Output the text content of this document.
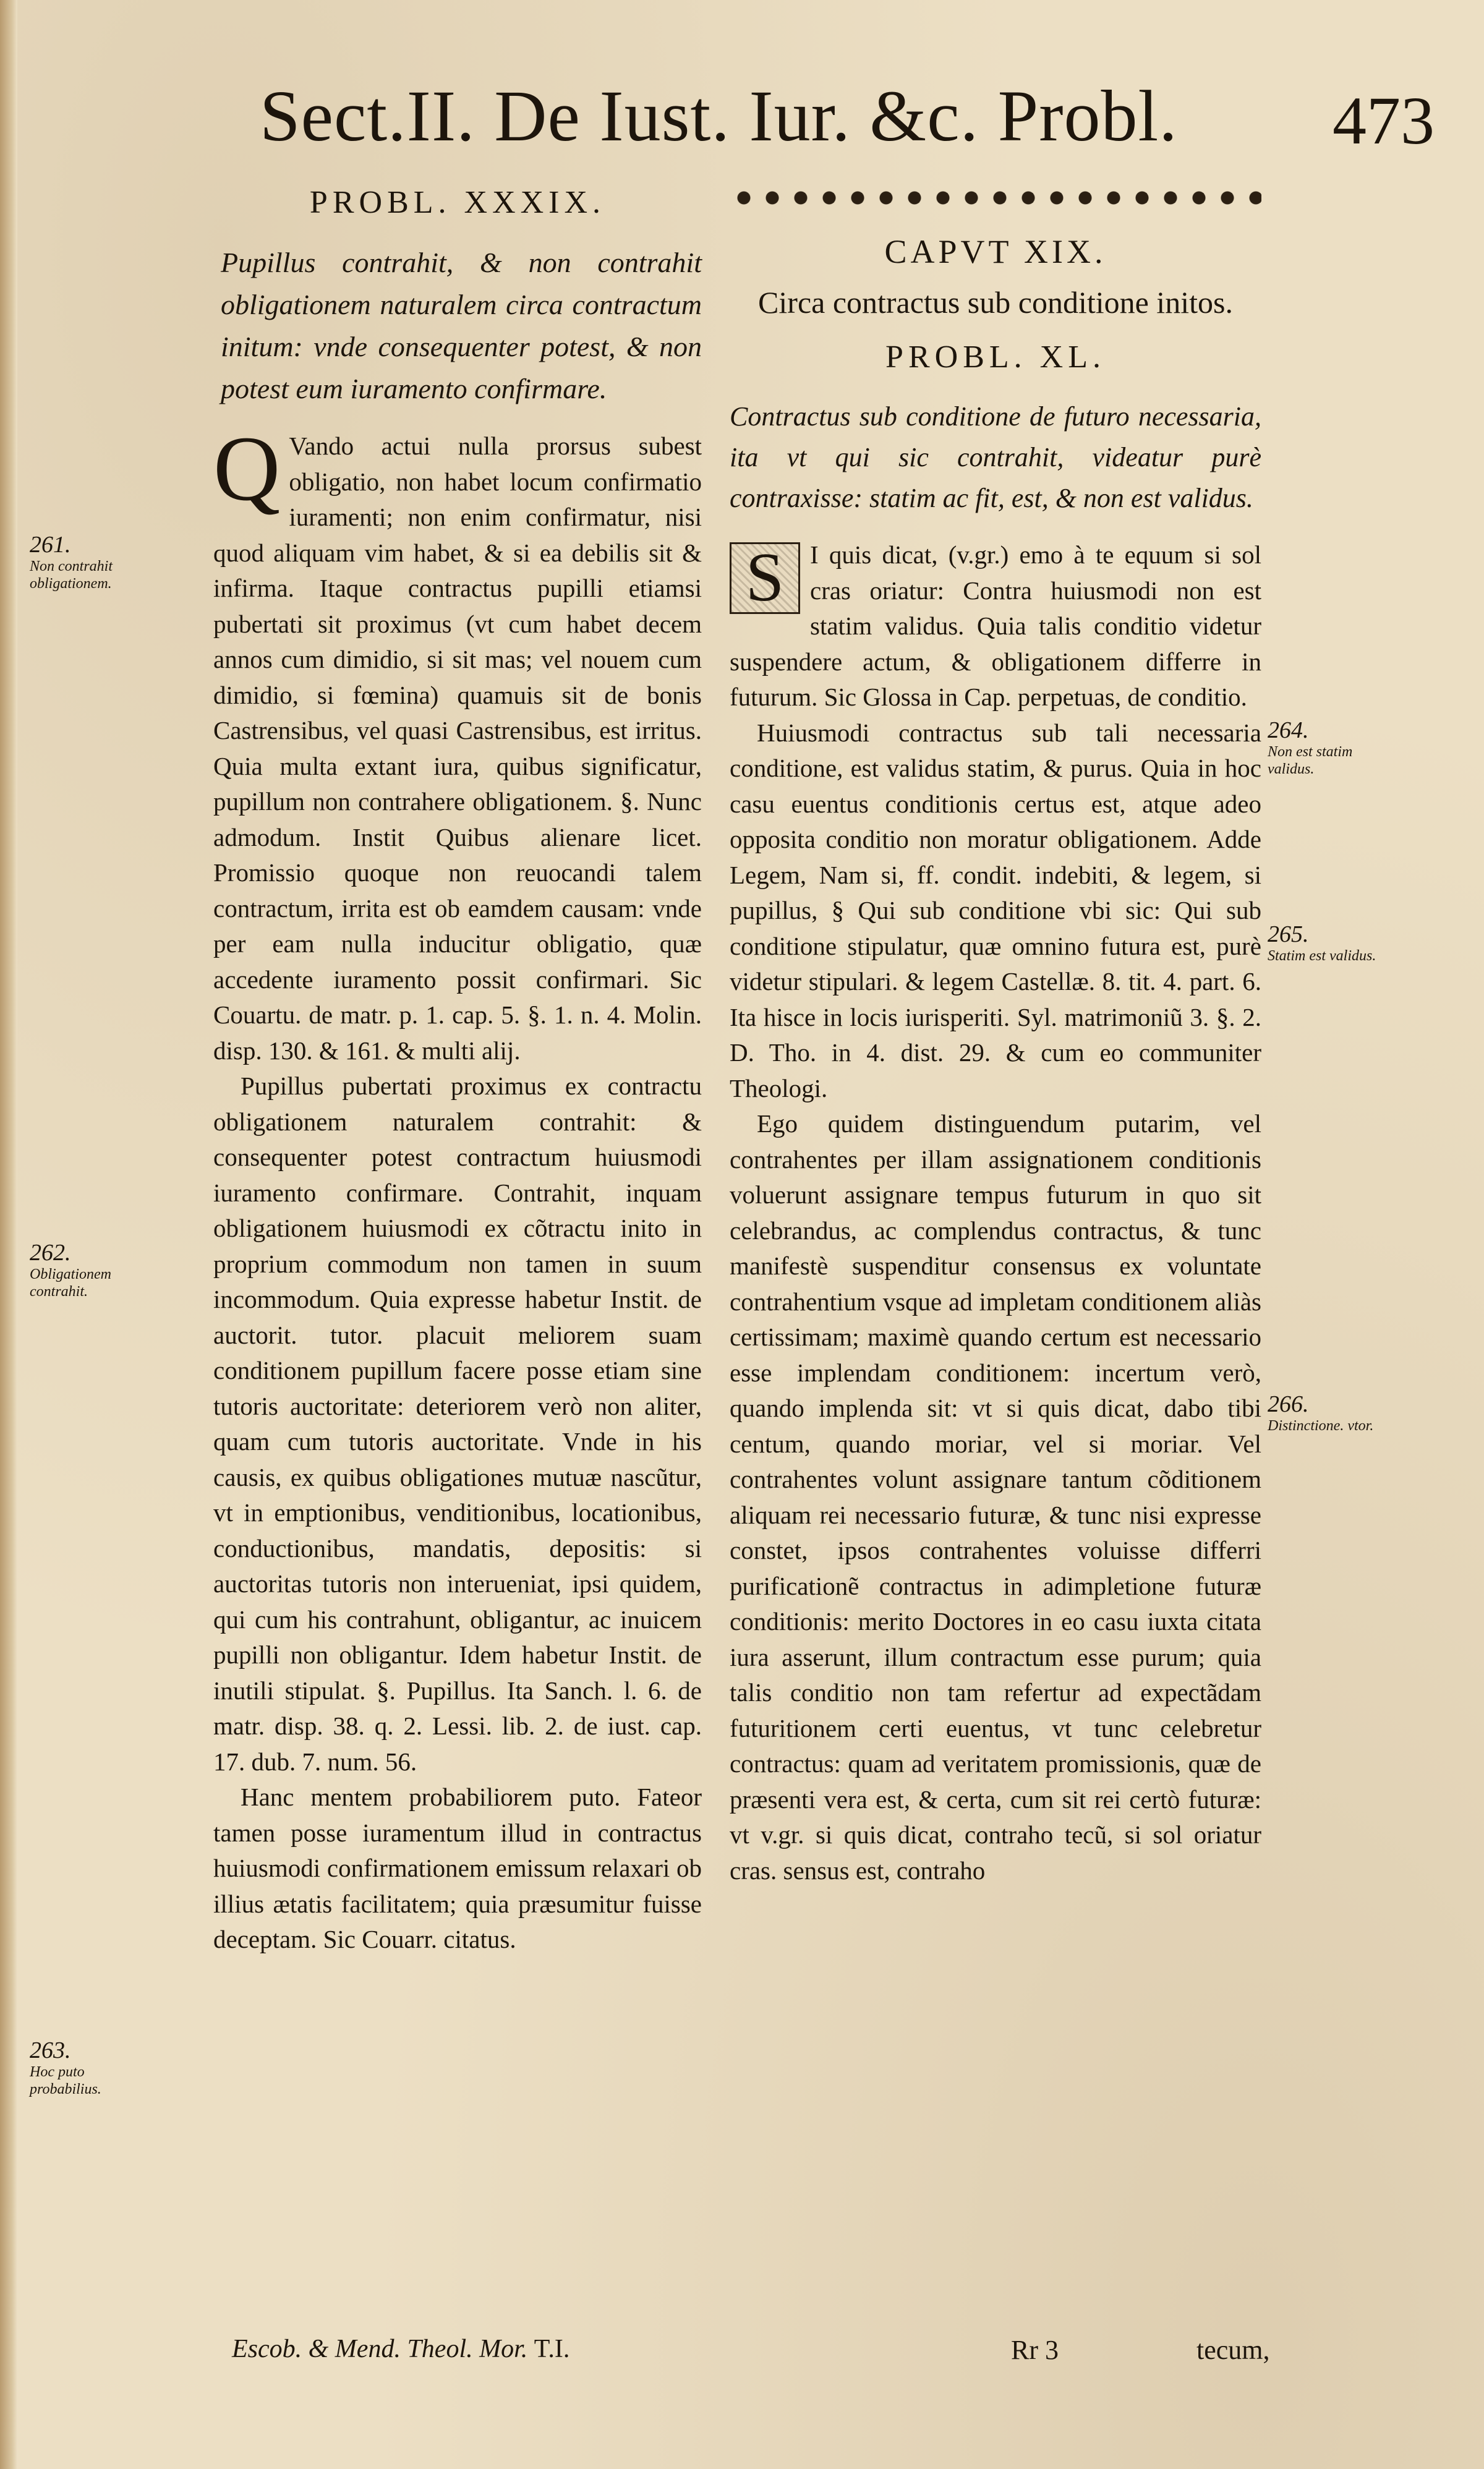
Sect.II. De Iust. Iur. &c. Probl. 473
PROBL. XXXIX.
Pupillus contrahit, & non contrahit obligationem naturalem circa contractum initum: vnde consequenter potest, & non potest eum iuramento confirmare.

Q Vando actui nulla prorsus subest obligatio, non habet locum confirmatio iuramenti; non enim confirmatur, nisi quod aliquam vim habet, & si ea debilis sit & infirma. Itaque contractus pupilli etiamsi pubertati sit proximus (vt cum habet decem annos cum dimidio, si sit mas; vel nouem cum dimidio, si fœmina) quamuis sit de bonis Castrensibus, vel quasi Castrensibus, est irritus. Quia multa extant iura, quibus significatur, pupillum non contrahere obligationem. §. Nunc admodum. Instit Quibus alienare licet. Promissio quoque non reuocandi talem contractum, irrita est ob eamdem causam: vnde per eam nulla inducitur obligatio, quæ accedente iuramento possit confirmari. Sic Couartu. de matr. p. 1. cap. 5. §. 1. n. 4. Molin. disp. 130. & 161. & multi alij.

Pupillus pubertati proximus ex contractu obligationem naturalem contrahit: & consequenter potest contractum huiusmodi iuramento confirmare. Contrahit, inquam obligationem huiusmodi ex cõtractu inito in proprium commodum non tamen in suum incommodum. Quia expresse habetur Instit. de auctorit. tutor. placuit meliorem suam conditionem pupillum facere posse etiam sine tutoris auctoritate: deteriorem verò non aliter, quam cum tutoris auctoritate. Vnde in his causis, ex quibus obligationes mutuæ nascũtur, vt in emptionibus, venditionibus, locationibus, conductionibus, mandatis, depositis: si auctoritas tutoris non interueniat, ipsi quidem, qui cum his contrahunt, obligantur, ac inuicem pupilli non obligantur. Idem habetur Instit. de inutili stipulat. §. Pupillus. Ita Sanch. l. 6. de matr. disp. 38. q. 2. Lessi. lib. 2. de iust. cap. 17. dub. 7. num. 56.

Hanc mentem probabiliorem puto. Fateor tamen posse iuramentum illud in contractus huiusmodi confirmationem emissum relaxari ob illius ætatis facilitatem; quia præsumitur fuisse deceptam. Sic Couarr. citatus.

CAPVT XIX.
Circa contractus sub conditione initos.
PROBL. XL.
Contractus sub conditione de futuro necessaria, ita vt qui sic contrahit, videatur purè contraxisse: statim ac fit, est, & non est validus.

S	I quis dicat, (v.gr.) emo à te equum si sol cras oriatur: Contra huiusmodi non est statim validus. Quia talis conditio videtur suspendere actum, & obligationem differre in futurum. Sic Glossa in Cap. perpetuas, de conditio.

Huiusmodi contractus sub tali necessaria conditione, est validus statim, & purus. Quia in hoc casu euentus conditionis certus est, atque adeo opposita conditio non moratur obligationem. Adde Legem, Nam si, ff. condit. indebiti, & legem, si pupillus, § Qui sub conditione vbi sic: Qui sub conditione stipulatur, quæ omnino futura est, purè videtur stipulari. & legem Castellæ. 8. tit. 4. part. 6. Ita hisce in locis iurisperiti. Syl. matrimoniũ 3. §. 2. D. Tho. in 4. dist. 29. & cum eo communiter Theologi.

Ego quidem distinguendum putarim, vel contrahentes per illam assignationem conditionis voluerunt assignare tempus futurum in quo sit celebrandus, ac complendus contractus, & tunc manifestè suspenditur consensus ex voluntate contrahentium vsque ad impletam conditionem aliàs certissimam; maximè quando certum est necessario esse implendam conditionem: incertum verò, quando implenda sit: vt si quis dicat, dabo tibi centum, quando moriar, vel si moriar. Vel contrahentes volunt assignare tantum cõditionem aliquam rei necessario futuræ, & tunc nisi expresse constet, ipsos contrahentes voluisse differri purificationẽ contractus in adimpletione futuræ conditionis: merito Doctores in eo casu iuxta citata iura asserunt, illum contractum esse purum; quia talis conditio non tam refertur ad expectãdam futuritionem certi euentus, vt tunc celebretur contractus: quam ad veritatem promissionis, quæ de præsenti vera est, & certa, cum sit rei certò futuræ: vt v.gr. si quis dicat, contraho tecũ, si sol oriatur cras. sensus est, contraho

261.
Non contrahit obligationem.
262.
Obligationem contrahit.
263.
Hoc puto probabilius.
264.
Non est statim validus.
265.
Statim est validus.
266.
Distinctione. vtor.
Escob. & Mend. Theol. Mor. T.I.	Rr 3	tecum,
